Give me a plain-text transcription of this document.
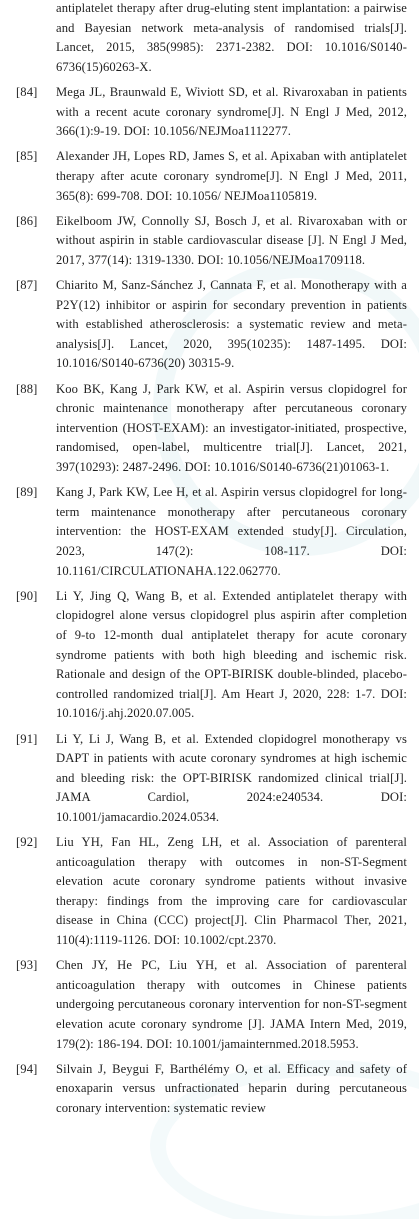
antiplatelet therapy after drug-eluting stent implantation: a pairwise and Bayesian network meta-analysis of randomised trials[J]. Lancet, 2015, 385(9985): 2371-2382. DOI: 10.1016/S0140-6736(15)60263-X.
[84]	Mega JL, Braunwald E, Wiviott SD, et al. Rivaroxaban in patients with a recent acute coronary syndrome[J]. N Engl J Med, 2012, 366(1):9-19. DOI: 10.1056/NEJMoa1112277.
[85]	Alexander JH, Lopes RD, James S, et al. Apixaban with antiplatelet therapy after acute coronary syndrome[J]. N Engl J Med, 2011, 365(8): 699-708. DOI: 10.1056/ NEJMoa1105819.
[86]	Eikelboom JW, Connolly SJ, Bosch J, et al. Rivaroxaban with or without aspirin in stable cardiovascular disease [J]. N Engl J Med, 2017, 377(14): 1319-1330. DOI: 10.1056/NEJMoa1709118.
[87]	Chiarito M, Sanz-Sánchez J, Cannata F, et al. Monotherapy with a P2Y(12) inhibitor or aspirin for secondary prevention in patients with established atherosclerosis: a systematic review and meta-analysis[J]. Lancet, 2020, 395(10235): 1487-1495. DOI: 10.1016/S0140-6736(20) 30315-9.
[88]	Koo BK, Kang J, Park KW, et al. Aspirin versus clopidogrel for chronic maintenance monotherapy after percutaneous coronary intervention (HOST-EXAM): an investigator-initiated, prospective, randomised, open-label, multicentre trial[J]. Lancet, 2021, 397(10293): 2487-2496. DOI: 10.1016/S0140-6736(21)01063-1.
[89]	Kang J, Park KW, Lee H, et al. Aspirin versus clopidogrel for long-term maintenance monotherapy after percutaneous coronary intervention: the HOST-EXAM extended study[J]. Circulation, 2023, 147(2): 108-117. DOI: 10.1161/CIRCULATIONAHA.122.062770.
[90]	Li Y, Jing Q, Wang B, et al. Extended antiplatelet therapy with clopidogrel alone versus clopidogrel plus aspirin after completion of 9-to 12-month dual antiplatelet therapy for acute coronary syndrome patients with both high bleeding and ischemic risk. Rationale and design of the OPT-BIRISK double-blinded, placebo-controlled randomized trial[J]. Am Heart J, 2020, 228: 1-7. DOI: 10.1016/j.ahj.2020.07.005.
[91]	Li Y, Li J, Wang B, et al. Extended clopidogrel monotherapy vs DAPT in patients with acute coronary syndromes at high ischemic and bleeding risk: the OPT-BIRISK randomized clinical trial[J]. JAMA Cardiol, 2024:e240534. DOI: 10.1001/jamacardio.2024.0534.
[92]	Liu YH, Fan HL, Zeng LH, et al. Association of parenteral anticoagulation therapy with outcomes in non-ST-Segment elevation acute coronary syndrome patients without invasive therapy: findings from the improving care for cardiovascular disease in China (CCC) project[J]. Clin Pharmacol Ther, 2021, 110(4):1119-1126. DOI: 10.1002/cpt.2370.
[93]	Chen JY, He PC, Liu YH, et al. Association of parenteral anticoagulation therapy with outcomes in Chinese patients undergoing percutaneous coronary intervention for non-ST-segment elevation acute coronary syndrome [J]. JAMA Intern Med, 2019, 179(2): 186-194. DOI: 10.1001/jamainternmed.2018.5953.
[94]	Silvain J, Beygui F, Barthélémy O, et al. Efficacy and safety of enoxaparin versus unfractionated heparin during percutaneous coronary intervention: systematic review
